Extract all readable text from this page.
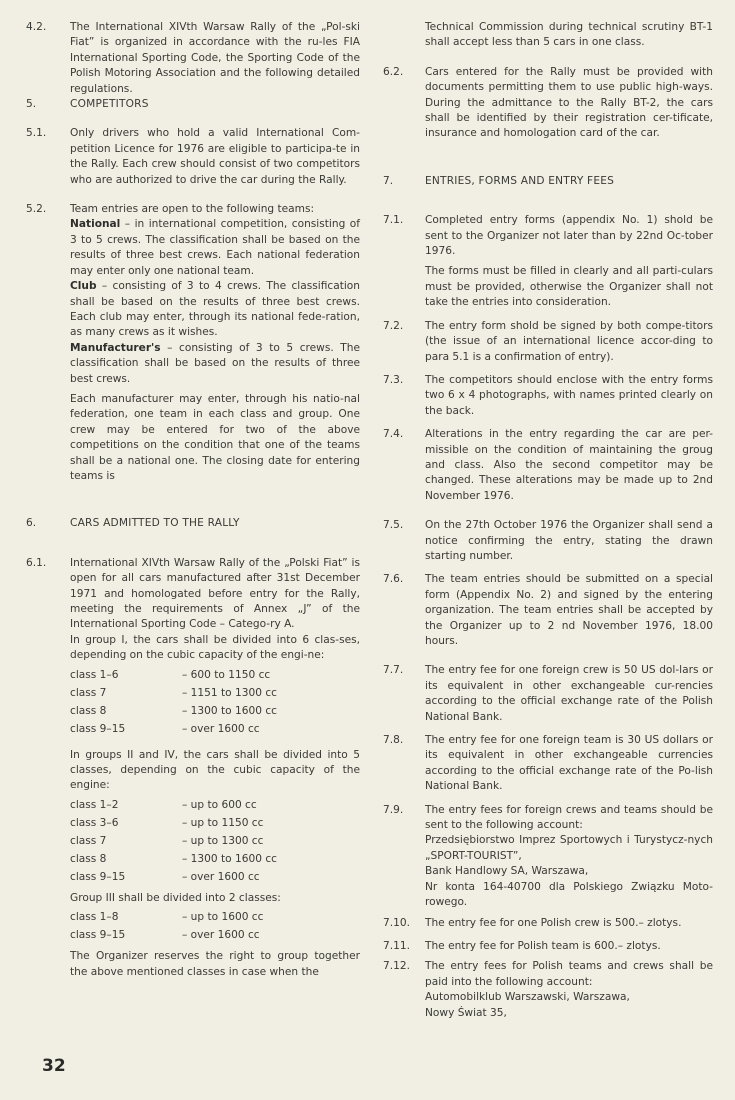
4.2.	The International XIVth Warsaw Rally of the „Pol-ski Fiat” is organized in accordance with the ru-les FIA International Sporting Code, the Sporting Code of the Polish Motoring Association and the following detailed regulations.
5.	COMPETITORS
5.1.	Only drivers who hold a valid International Com-petition Licence for 1976 are eligible to participa-te in the Rally. Each crew should consist of two competitors who are authorized to drive the car during the Rally.
5.2.	Team entries are open to the following teams:

National – in international competition, consisting of 3 to 5 crews. The classification shall be based on the results of three best crews. Each national federation may enter only one national team.

Club – consisting of 3 to 4 crews. The classification shall be based on the results of three best crews. Each club may enter, through its national fede-ration, as many crews as it wishes.

Manufacturer's – consisting of 3 to 5 crews. The classification shall be based on the results of three best crews.

Each manufacturer may enter, through his natio-nal federation, one team in each class and group. One crew may be entered for two of the above competitions on the condition that one of the teams shall be a national one. The closing date for entering teams is

6.	CARS ADMITTED TO THE RALLY
6.1.	International XIVth Warsaw Rally of the „Polski Fiat” is open for all cars manufactured after 31st December 1971 and homologated before entry for the Rally, meeting the requirements of Annex „J” of the International Sporting Code – Catego-ry A.

In group I, the cars shall be divided into 6 clas-ses, depending on the cubic capacity of the engi-ne:

class 1–6	– 600 to 1150 cc
class 7	– 1151 to 1300 cc
class 8	– 1300 to 1600 cc
class 9–15	– over 1600 cc

In groups II and IV, the cars shall be divided into 5 classes, depending on the cubic capacity of the engine:

class 1–2	– up to 600 cc
class 3–6	– up to 1150 cc
class 7	– up to 1300 cc
class 8	– 1300 to 1600 cc
class 9–15	– over 1600 cc

Group III shall be divided into 2 classes:

class 1–8	– up to 1600 cc
class 9–15	– over 1600 cc

The Organizer reserves the right to group together the above mentioned classes in case when the

Technical Commission during technical scrutiny BT-1 shall accept less than 5 cars in one class.
6.2.	Cars entered for the Rally must be provided with documents permitting them to use public high-ways. During the admittance to the Rally BT-2, the cars shall be identified by their registration cer-tificate, insurance and homologation card of the car.
7.	ENTRIES, FORMS AND ENTRY FEES
7.1.	Completed entry forms (appendix No. 1) shold be sent to the Organizer not later than by 22nd Oc-tober 1976.

The forms must be filled in clearly and all parti-culars must be provided, otherwise the Organizer shall not take the entries into consideration.

7.2.	The entry form shold be signed by both compe-titors (the issue of an international licence accor-ding to para 5.1 is a confirmation of entry).
7.3.	The competitors should enclose with the entry forms two 6 x 4 photographs, with names printed clearly on the back.
7.4.	Alterations in the entry regarding the car are per-missible on the condition of maintaining the groug and class. Also the second competitor may be changed. These alterations may be made up to 2nd November 1976.
7.5.	On the 27th October 1976 the Organizer shall send a notice confirming the entry, stating the drawn starting number.
7.6.	The team entries should be submitted on a special form (Appendix No. 2) and signed by the entering organization. The team entries shall be accepted by the Organizer up to 2 nd November 1976, 18.00 hours.
7.7.	The entry fee for one foreign crew is 50 US dol-lars or its equivalent in other exchangeable cur-rencies according to the official exchange rate of the Polish National Bank.
7.8.	The entry fee for one foreign team is 30 US dollars or its equivalent in other exchangeable currencies according to the official exchange rate of the Po-lish National Bank.
7.9.	The entry fees for foreign crews and teams should be sent to the following account:

Przedsiębiorstwo Imprez Sportowych i Turystycz-nych „SPORT-TOURIST”,

Bank Handlowy SA, Warszawa,

Nr konta 164-40700 dla Polskiego Związku Moto-rowego.

7.10.	The entry fee for one Polish crew is 500.– zlotys.
7.11.	The entry fee for Polish team is 600.– zlotys.
7.12.	The entry fees for Polish teams and crews shall be paid into the following account:

Automobilklub Warszawski, Warszawa,

Nowy Świat 35,

32
